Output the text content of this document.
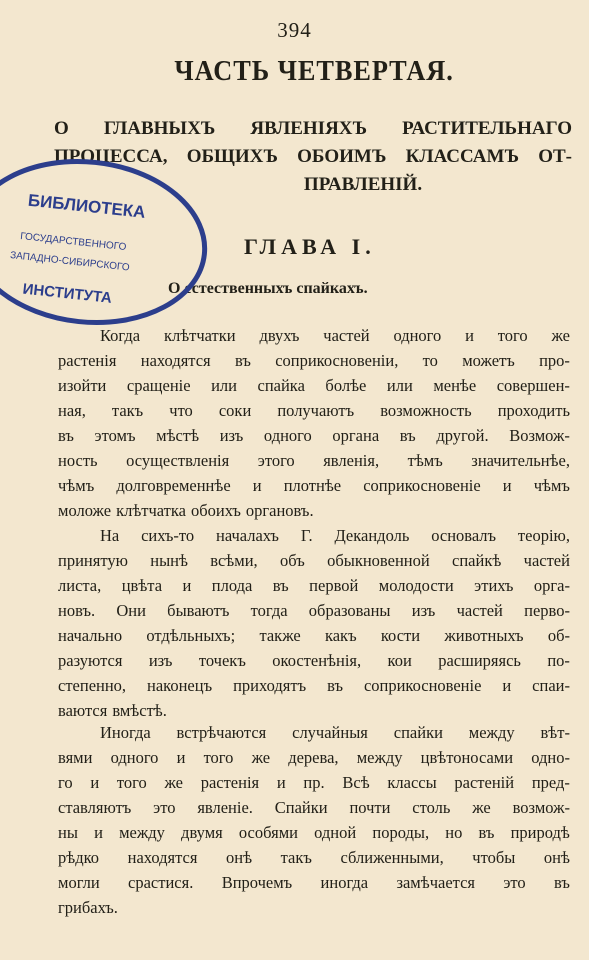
394
ЧАСТЬ ЧЕТВЕРТАЯ.
О ГЛАВНЫХЪ ЯВЛЕНІЯХЪ РАСТИТЕЛЬНАГО
ПРОЦЕССА, ОБЩИХЪ ОБОИМЪ КЛАССАМЪ ОТ-
ПРАВЛЕНІЙ.
ГЛАВА I.
О естественныхъ спайкахъ.
Когда клѣтчатки двухъ частей одного и того же
растенія находятся въ соприкосновеніи, то можетъ про-
изойти сращеніе или спайка болѣе или менѣе совершен-
ная, такъ что соки получаютъ возможность проходить
въ этомъ мѣстѣ изъ одного органа въ другой. Возмож-
ность осуществленія этого явленія, тѣмъ значительнѣе,
чѣмъ долговременнѣе и плотнѣе соприкосновеніе и чѣмъ
моложе клѣтчатка обоихъ органовъ.
На сихъ-то началахъ Г. Декандоль основалъ теорію,
принятую нынѣ всѣми, объ обыкновенной спайкѣ частей
листа, цвѣта и плода въ первой молодости этихъ орга-
новъ. Они бываютъ тогда образованы изъ частей перво-
начально отдѣльныхъ; также какъ кости животныхъ об-
разуются изъ точекъ окостенѣнія, кои расширяясь по-
степенно, наконецъ приходятъ въ соприкосновеніе и спаи-
ваются вмѣстѣ.
Иногда встрѣчаются случайныя спайки между вѣт-
вями одного и того же дерева, между цвѣтоносами одно-
го и того же растенія и пр. Всѣ классы растеній пред-
ставляютъ это явленіе. Спайки почти столь же возмож-
ны и между двумя особями одной породы, но въ природѣ
рѣдко находятся онѣ такъ сближенными, чтобы онѣ
могли срастися. Впрочемъ иногда замѣчается это въ
грибахъ.
БИБЛИОТЕКА
ГОСУДАРСТВЕННОГО
ЗАПАДНО-СИБИРСКОГО
ИНСТИТУТА
